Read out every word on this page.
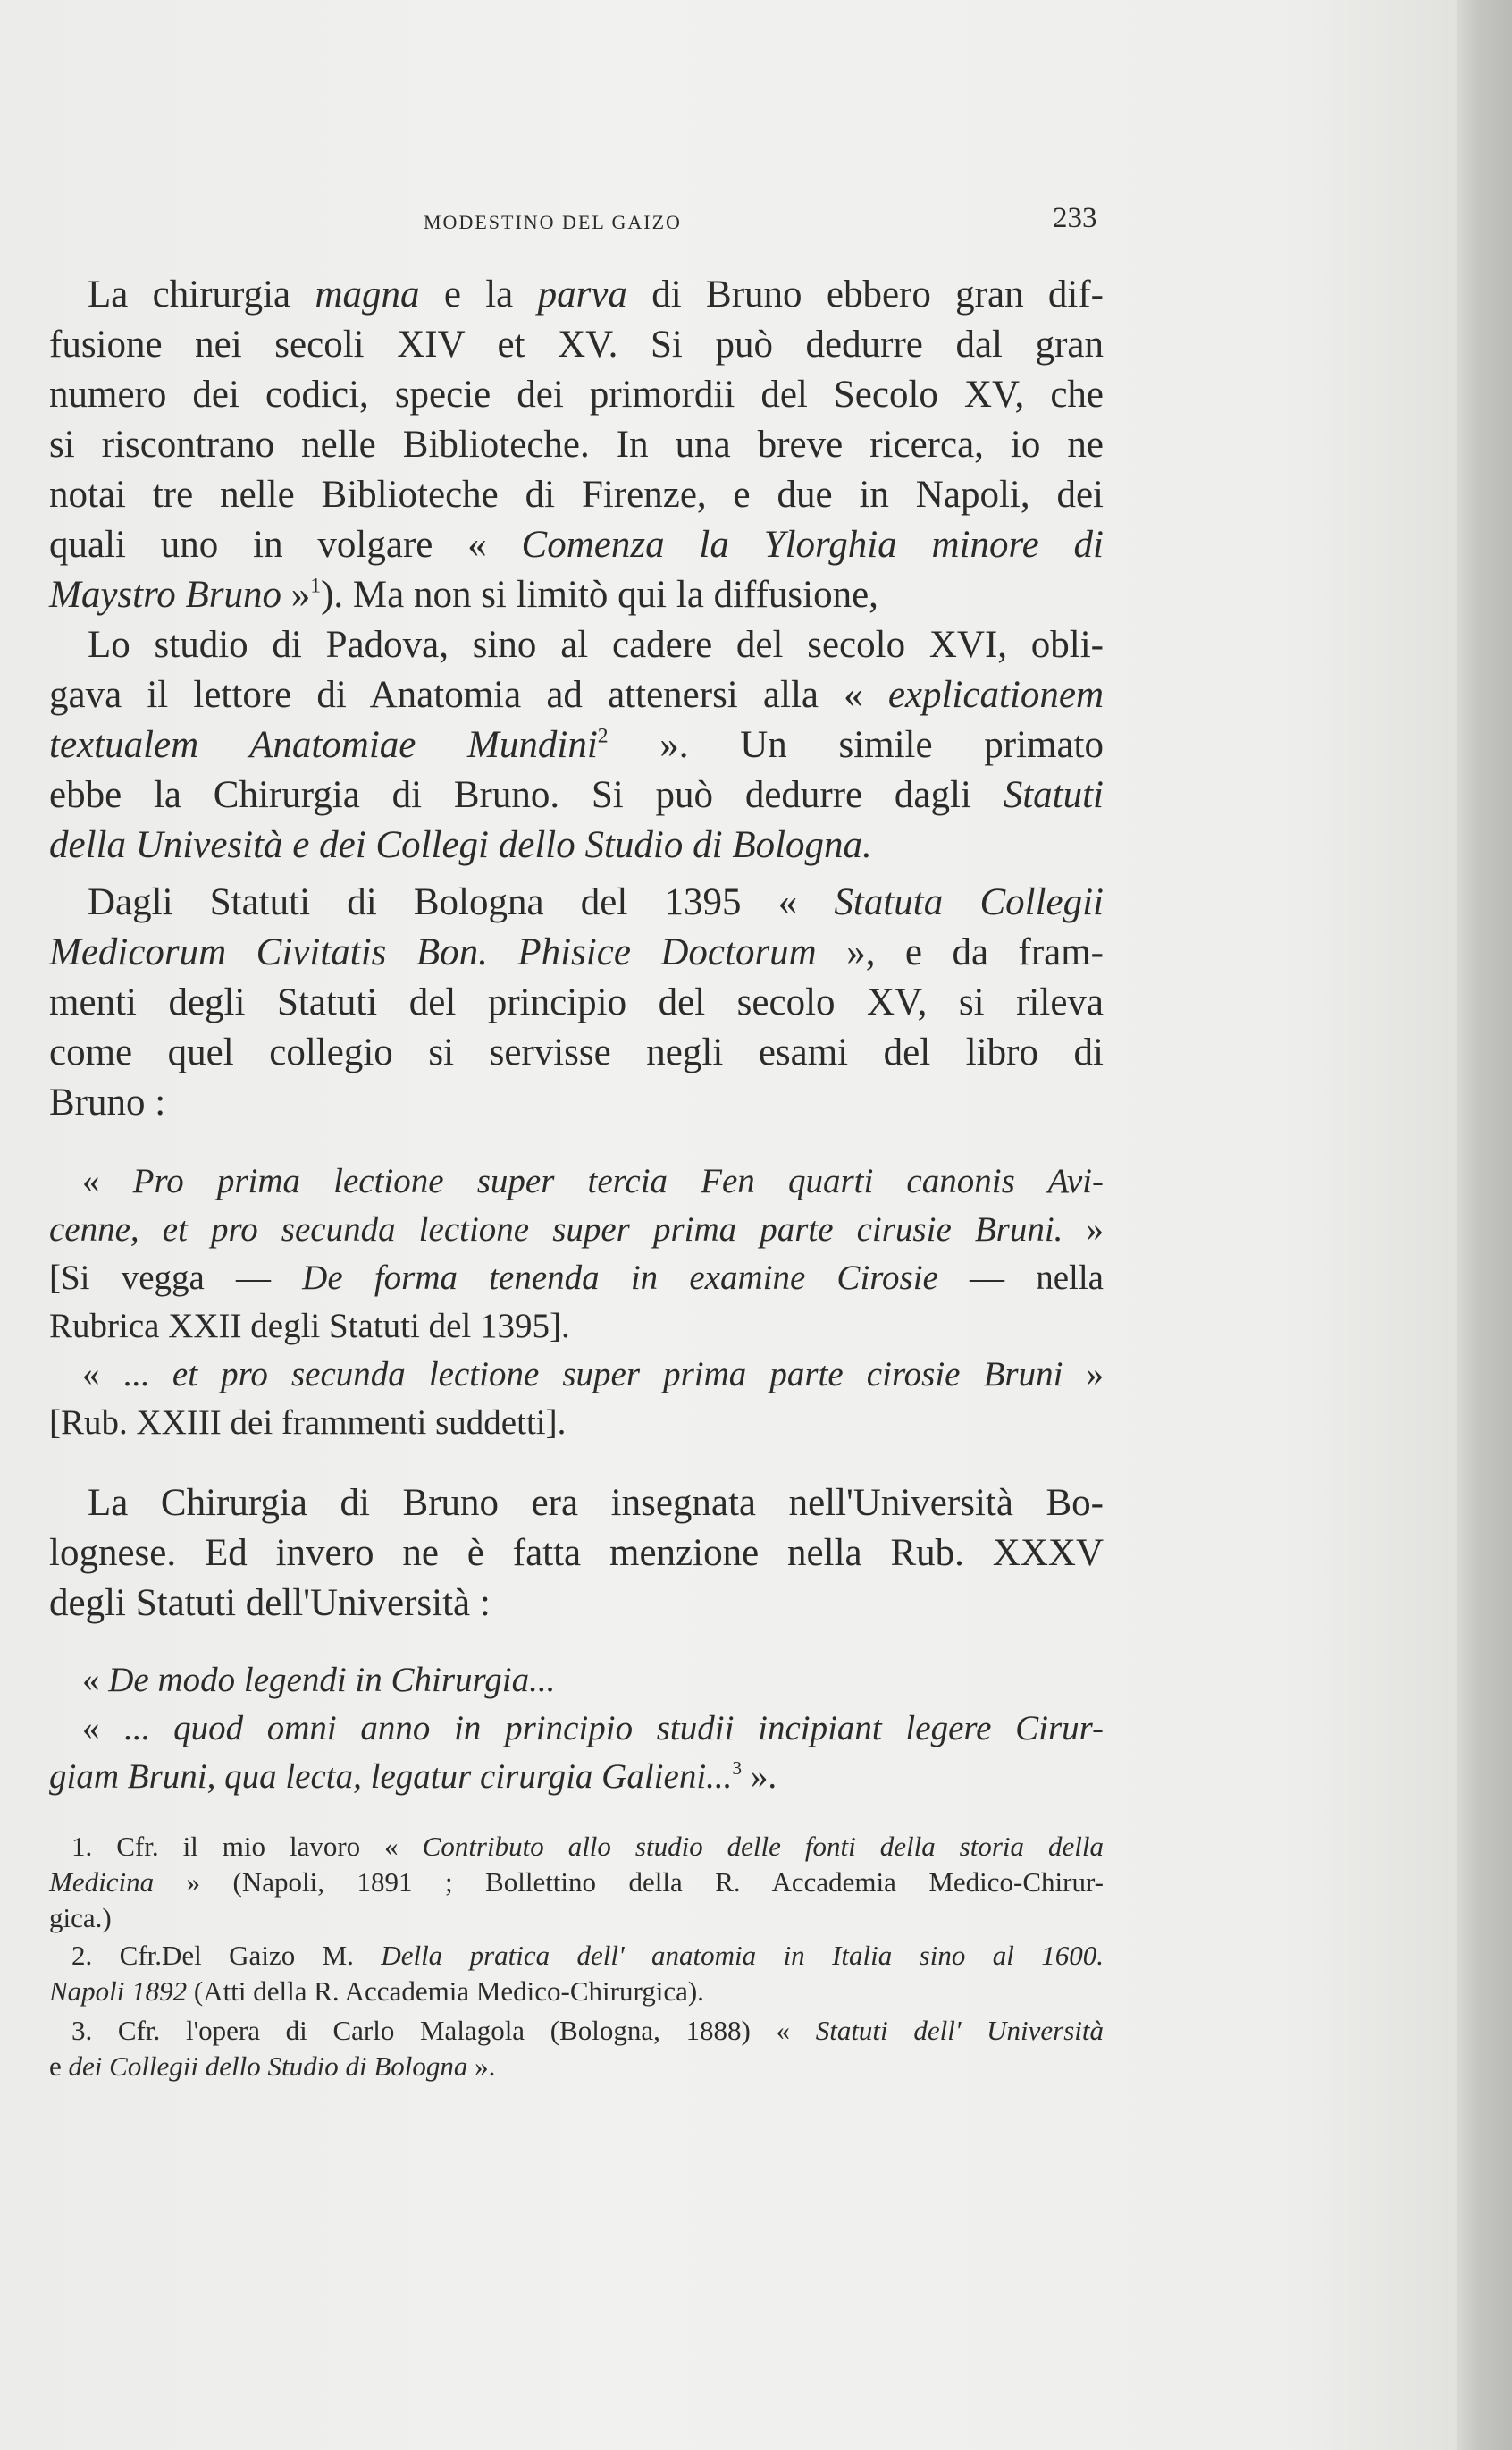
MODESTINO DEL GAIZO	233
La chirurgia magna e la parva di Bruno ebbero gran dif-
fusione nei secoli XIV et XV. Si può dedurre dal gran
numero dei codici, specie dei primordii del Secolo XV, che
si riscontrano nelle Biblioteche. In una breve ricerca, io ne
notai tre nelle Biblioteche di Firenze, e due in Napoli, dei
quali uno in volgare « Comenza la Ylorghia minore di
Maystro Bruno »$^1$). Ma non si limitò qui la diffusione,
Lo studio di Padova, sino al cadere del secolo XVI, obli-
gava il lettore di Anatomia ad attenersi alla « explicationem
textualem Anatomiae Mundini$^2$ ». Un simile primato
ebbe la Chirurgia di Bruno. Si può dedurre dagli Statuti
della Univesità e dei Collegi dello Studio di Bologna.
Dagli Statuti di Bologna del 1395 « Statuta Collegii
Medicorum Civitatis Bon. Phisice Doctorum », e da fram-
menti degli Statuti del principio del secolo XV, si rileva
come quel collegio si servisse negli esami del libro di
Bruno :
« Pro prima lectione super tercia Fen quarti canonis Avi-
cenne, et pro secunda lectione super prima parte cirusie Bruni. »
[Si vegga — De forma tenenda in examine Cirosie — nella
Rubrica XXII degli Statuti del 1395].
« ... et pro secunda lectione super prima parte cirosie Bruni »
[Rub. XXIII dei frammenti suddetti].
La Chirurgia di Bruno era insegnata nell'Università Bo-
lognese. Ed invero ne è fatta menzione nella Rub. XXXV
degli Statuti dell'Università :
« De modo legendi in Chirurgia...
« ... quod omni anno in principio studii incipiant legere Cirur-
giam Bruni, qua lecta, legatur cirurgia Galieni...$^3$ ».
1. Cfr. il mio lavoro « Contributo allo studio delle fonti della storia della
Medicina » (Napoli, 1891 ; Bollettino della R. Accademia Medico-Chirur-
gica.)
2. Cfr.Del Gaizo M. Della pratica dell' anatomia in Italia sino al 1600.
Napoli 1892 (Atti della R. Accademia Medico-Chirurgica).
3. Cfr. l'opera di Carlo Malagola (Bologna, 1888) « Statuti dell' Università
e dei Collegii dello Studio di Bologna ».
